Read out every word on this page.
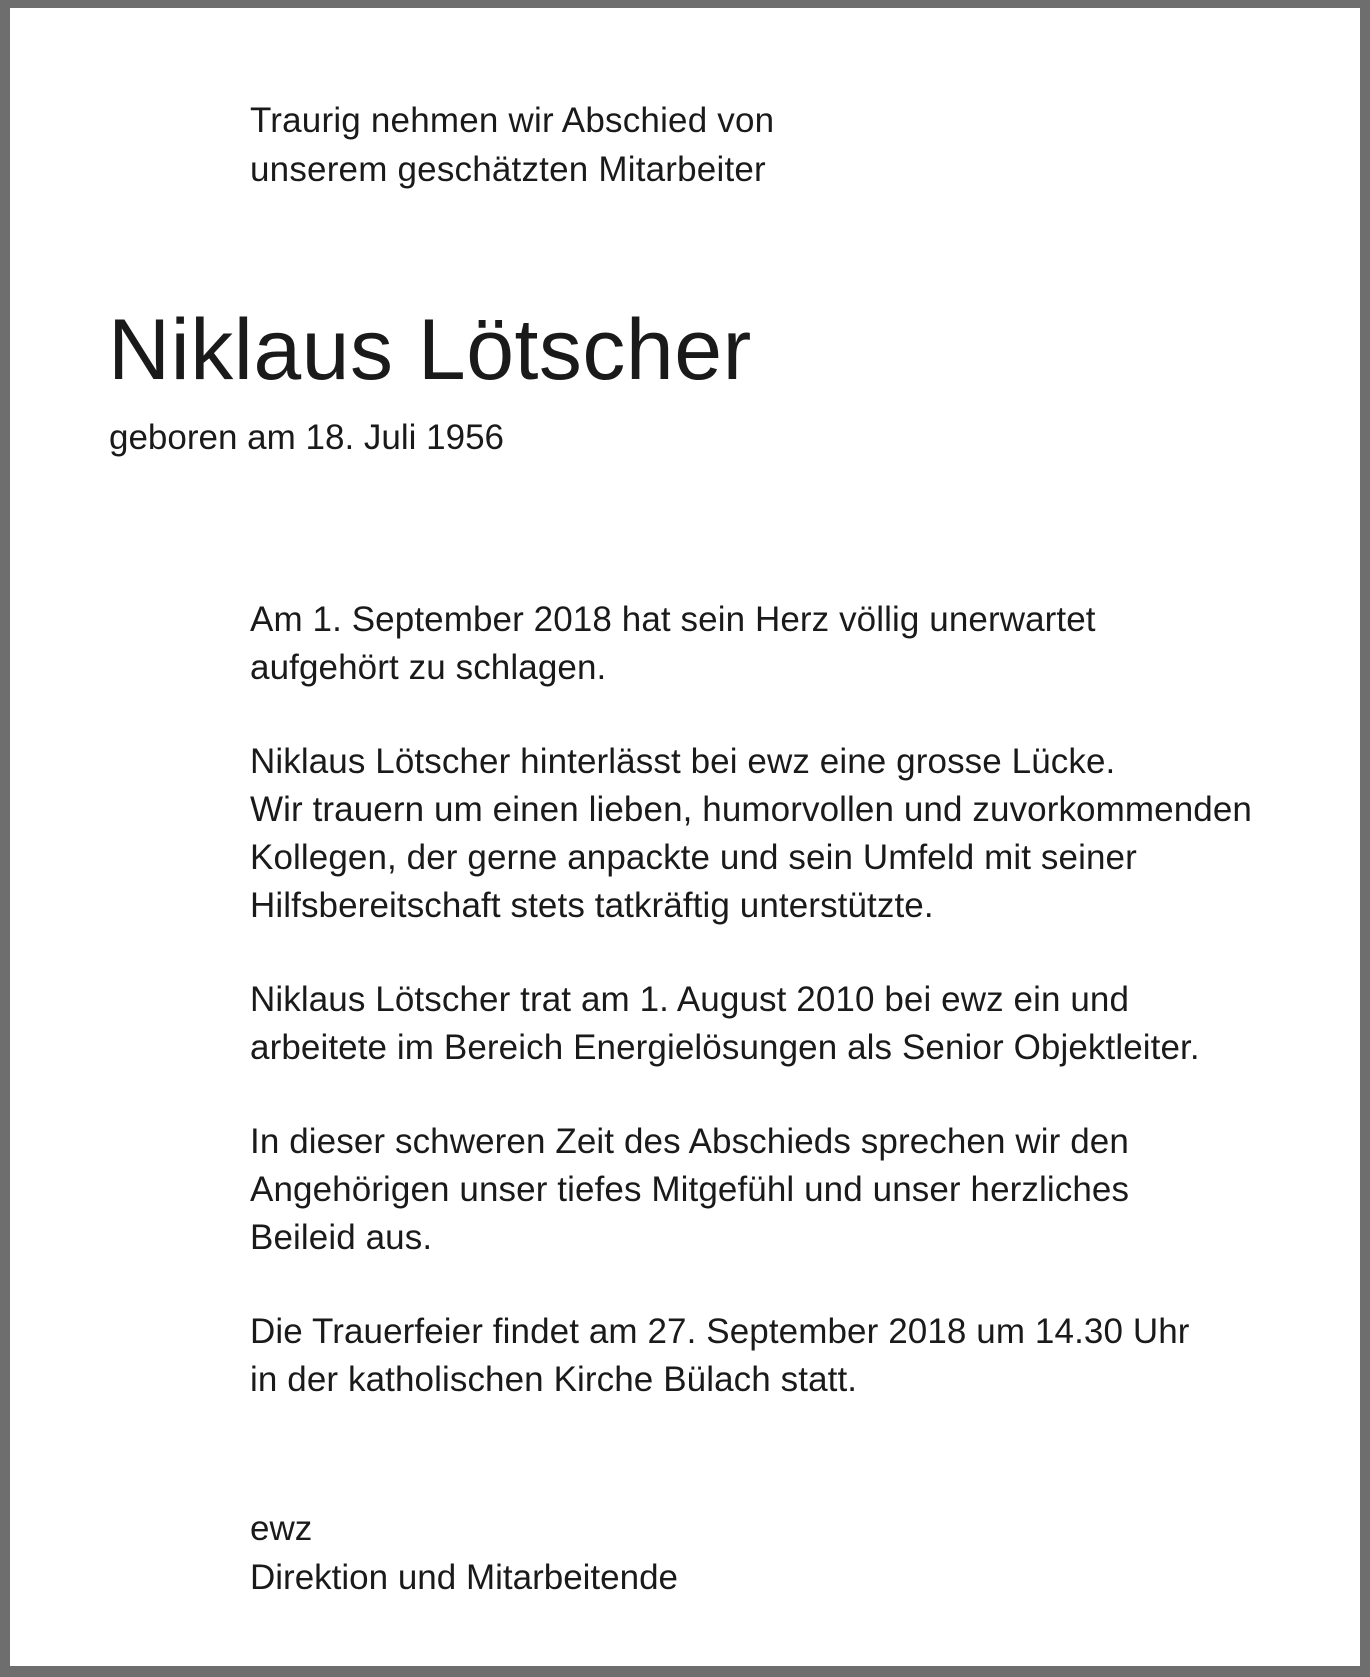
Traurig nehmen wir Abschied von
unserem geschätzten Mitarbeiter
Niklaus Lötscher
geboren am 18. Juli 1956
Am 1. September 2018 hat sein Herz völlig unerwartet
aufgehört zu schlagen.
Niklaus Lötscher hinterlässt bei ewz eine grosse Lücke.
Wir trauern um einen lieben, humorvollen und zuvorkommenden
Kollegen, der gerne anpackte und sein Umfeld mit seiner
Hilfsbereitschaft stets tatkräftig unterstützte.
Niklaus Lötscher trat am 1. August 2010 bei ewz ein und
arbeitete im Bereich Energielösungen als Senior Objektleiter.
In dieser schweren Zeit des Abschieds sprechen wir den
Angehörigen unser tiefes Mitgefühl und unser herzliches
Beileid aus.
Die Trauerfeier findet am 27. September 2018 um 14.30 Uhr
in der katholischen Kirche Bülach statt.
ewz
Direktion und Mitarbeitende
